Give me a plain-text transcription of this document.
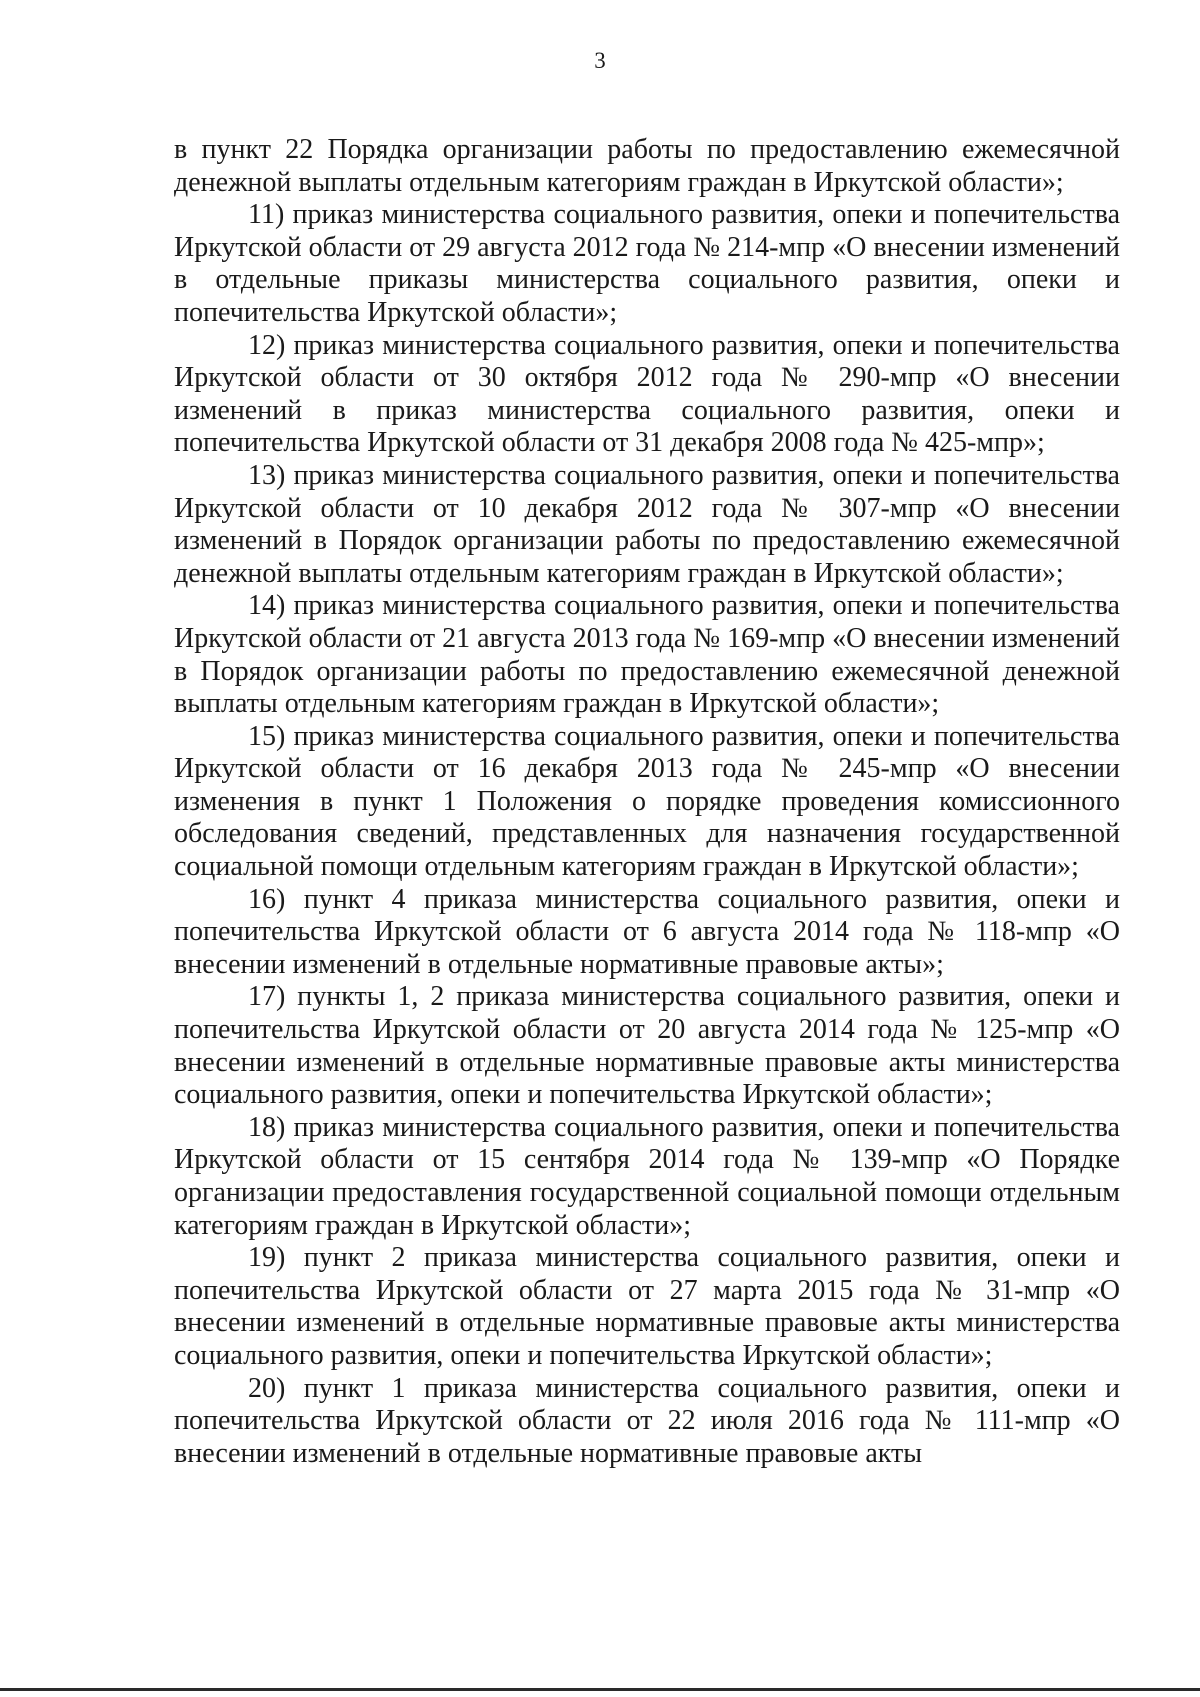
3

в пункт 22 Порядка организации работы по предоставлению ежемесячной денежной выплаты отдельным категориям граждан в Иркутской области»;

11) приказ министерства социального развития, опеки и попечительства Иркутской области от 29 августа 2012 года № 214-мпр «О внесении изменений в отдельные приказы министерства социального развития, опеки и попечительства Иркутской области»;

12) приказ министерства социального развития, опеки и попечительства Иркутской области от 30 октября 2012 года № 290-мпр «О внесении изменений в приказ министерства социального развития, опеки и попечительства Иркутской области от 31 декабря 2008 года № 425-мпр»;

13) приказ министерства социального развития, опеки и попечительства Иркутской области от 10 декабря 2012 года № 307-мпр «О внесении изменений в Порядок организации работы по предоставлению ежемесячной денежной выплаты отдельным категориям граждан в Иркутской области»;

14) приказ министерства социального развития, опеки и попечительства Иркутской области от 21 августа 2013 года № 169-мпр «О внесении изменений в Порядок организации работы по предоставлению ежемесячной денежной выплаты отдельным категориям граждан в Иркутской области»;

15) приказ министерства социального развития, опеки и попечительства Иркутской области от 16 декабря 2013 года № 245-мпр «О внесении изменения в пункт 1 Положения о порядке проведения комиссионного обследования сведений, представленных для назначения государственной социальной помощи отдельным категориям граждан в Иркутской области»;

16) пункт 4 приказа министерства социального развития, опеки и попечительства Иркутской области от 6 августа 2014 года № 118-мпр «О внесении изменений в отдельные нормативные правовые акты»;

17) пункты 1, 2 приказа министерства социального развития, опеки и попечительства Иркутской области от 20 августа 2014 года № 125-мпр «О внесении изменений в отдельные нормативные правовые акты министерства социального развития, опеки и попечительства Иркутской области»;

18) приказ министерства социального развития, опеки и попечительства Иркутской области от 15 сентября 2014 года № 139-мпр «О Порядке организации предоставления государственной социальной помощи отдельным категориям граждан в Иркутской области»;

19) пункт 2 приказа министерства социального развития, опеки и попечительства Иркутской области от 27 марта 2015 года № 31-мпр «О внесении изменений в отдельные нормативные правовые акты министерства социального развития, опеки и попечительства Иркутской области»;

20) пункт 1 приказа министерства социального развития, опеки и попечительства Иркутской области от 22 июля 2016 года № 111-мпр «О внесении изменений в отдельные нормативные правовые акты
